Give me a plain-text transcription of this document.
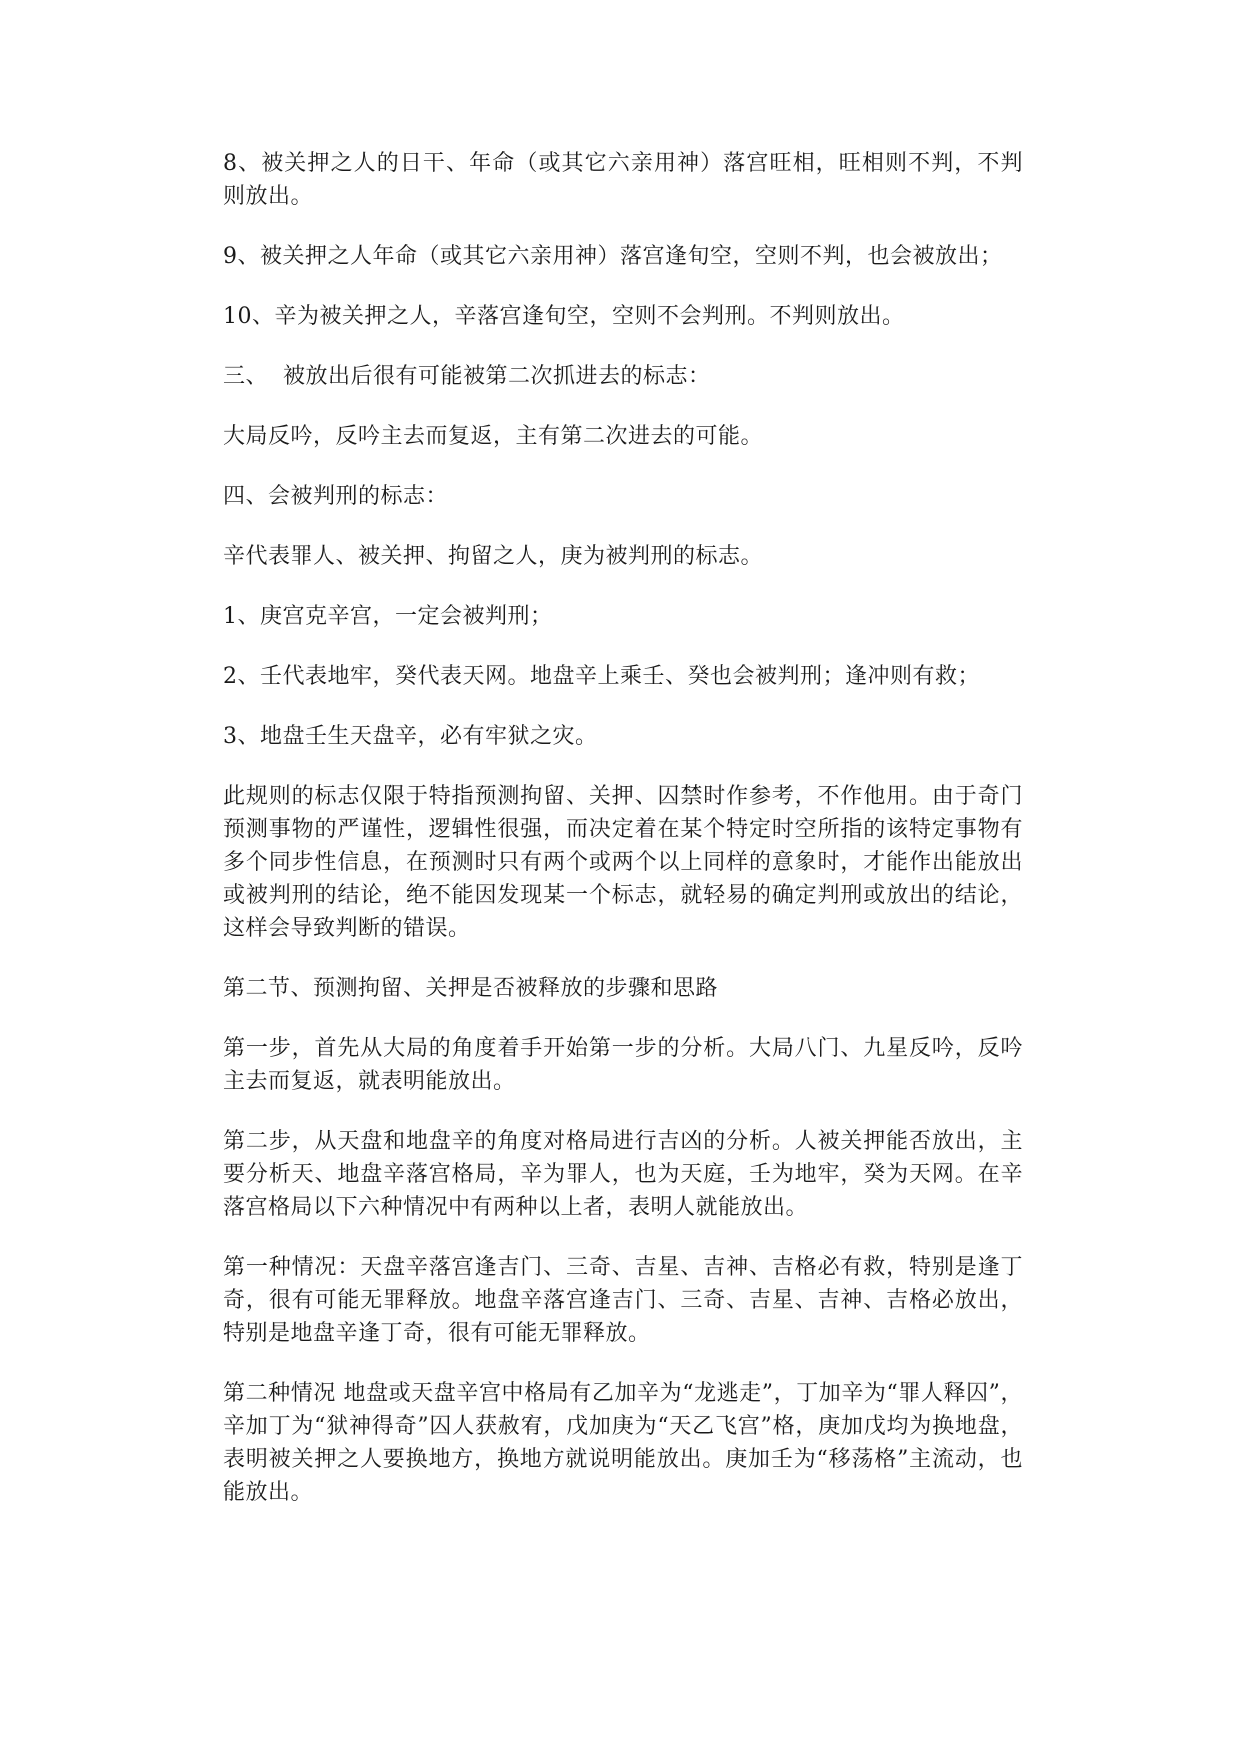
8、被关押之人的日干、年命（或其它六亲用神）落宫旺相，旺相则不判，不判则放出。

9、被关押之人年命（或其它六亲用神）落宫逢旬空，空则不判，也会被放出；

10、辛为被关押之人，辛落宫逢旬空，空则不会判刑。不判则放出。

三、  被放出后很有可能被第二次抓进去的标志：

大局反吟，反吟主去而复返，主有第二次进去的可能。

四、会被判刑的标志：

辛代表罪人、被关押、拘留之人，庚为被判刑的标志。

1、庚宫克辛宫，一定会被判刑；

2、壬代表地牢，癸代表天网。地盘辛上乘壬、癸也会被判刑；逢冲则有救；

3、地盘壬生天盘辛，必有牢狱之灾。

此规则的标志仅限于特指预测拘留、关押、囚禁时作参考，不作他用。由于奇门预测事物的严谨性，逻辑性很强，而决定着在某个特定时空所指的该特定事物有多个同步性信息，在预测时只有两个或两个以上同样的意象时，才能作出能放出或被判刑的结论，绝不能因发现某一个标志，就轻易的确定判刑或放出的结论，这样会导致判断的错误。

第二节、预测拘留、关押是否被释放的步骤和思路

第一步，首先从大局的角度着手开始第一步的分析。大局八门、九星反吟，反吟主去而复返，就表明能放出。

第二步，从天盘和地盘辛的角度对格局进行吉凶的分析。人被关押能否放出，主要分析天、地盘辛落宫格局，辛为罪人，也为天庭，壬为地牢，癸为天网。在辛落宫格局以下六种情况中有两种以上者，表明人就能放出。

第一种情况：天盘辛落宫逢吉门、三奇、吉星、吉神、吉格必有救，特别是逢丁奇，很有可能无罪释放。地盘辛落宫逢吉门、三奇、吉星、吉神、吉格必放出，特别是地盘辛逢丁奇，很有可能无罪释放。

第二种情况 地盘或天盘辛宫中格局有乙加辛为“龙逃走”，丁加辛为“罪人释囚”，辛加丁为“狱神得奇”囚人获赦宥，戊加庚为“天乙飞宫”格，庚加戊均为换地盘，表明被关押之人要换地方，换地方就说明能放出。庚加壬为“移荡格”主流动，也能放出。
